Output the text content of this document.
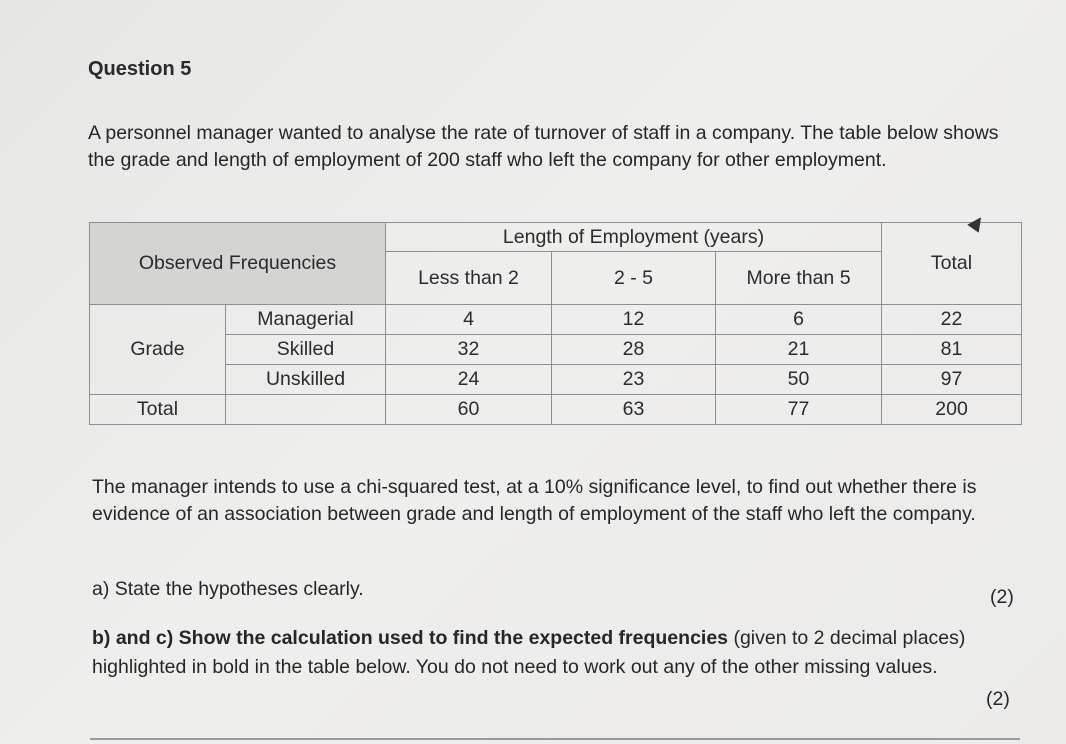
Question 5
A personnel manager wanted to analyse the rate of turnover of staff in a company. The table below shows the grade and length of employment of 200 staff who left the company for other employment.
Observed Frequencies		Length of Employment (years)			Total
		Less than 2	2 - 5	More than 5	
Grade	Managerial	4	12	6	22
	Skilled	32	28	21	81
	Unskilled	24	23	50	97
Total		60	63	77	200
The manager intends to use a chi-squared test, at a 10% significance level, to find out whether there is evidence of an association between grade and length of employment of the staff who left the company.
a) State the hypotheses clearly.	(2)
b) and c) Show the calculation used to find the expected frequencies (given to 2 decimal places) highlighted in bold in the table below. You do not need to work out any of the other missing values.
(2)
